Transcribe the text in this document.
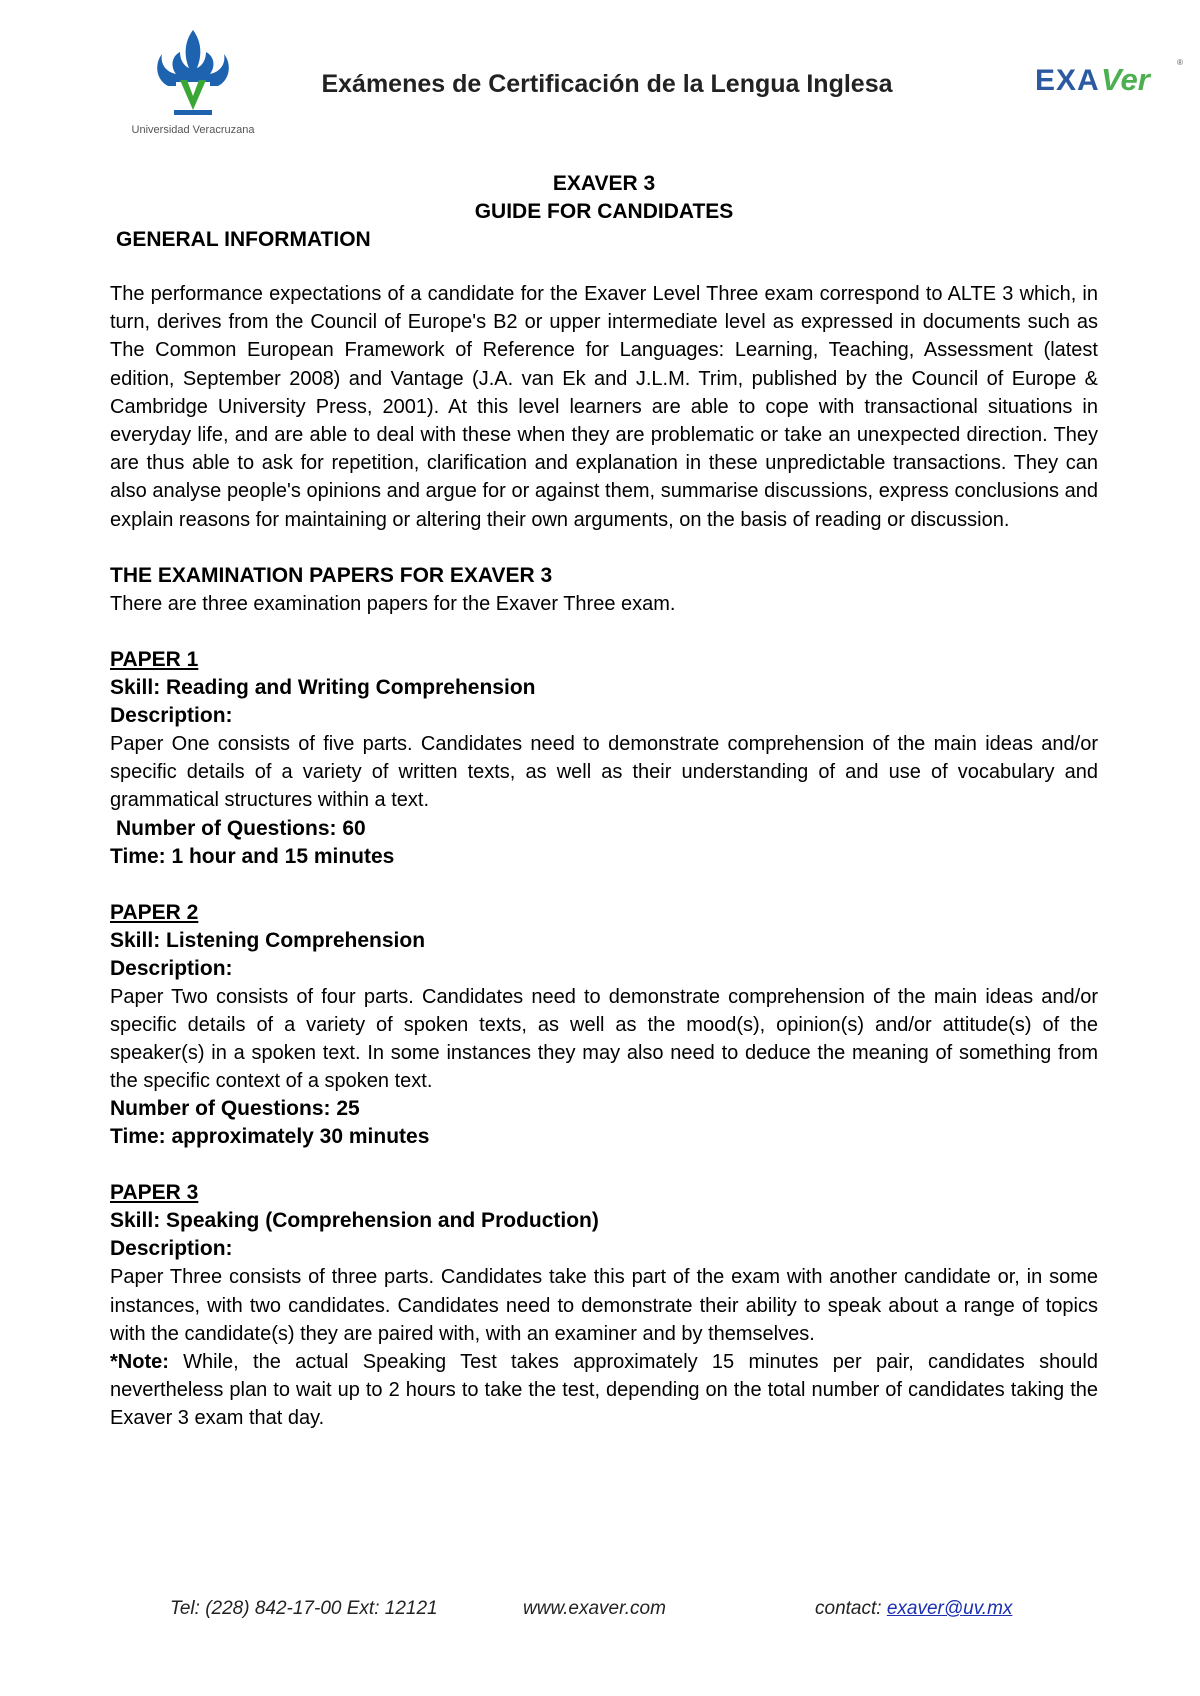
Universidad Veracruzana
Exámenes de Certificación de la Lengua Inglesa	EXA Ver	®
EXAVER 3
GUIDE FOR CANDIDATES
GENERAL INFORMATION

The performance expectations of a candidate for the Exaver Level Three exam correspond to ALTE 3 which, in turn, derives from the Council of Europe's B2 or upper intermediate level as expressed in documents such as The Common European Framework of Reference for Languages: Learning, Teaching, Assessment (latest edition, September 2008) and Vantage (J.A. van Ek and J.L.M. Trim, published by the Council of Europe & Cambridge University Press, 2001). At this level learners are able to cope with transactional situations in everyday life, and are able to deal with these when they are problematic or take an unexpected direction. They are thus able to ask for repetition, clarification and explanation in these unpredictable transactions. They can also analyse people's opinions and argue for or against them, summarise discussions, express conclusions and explain reasons for maintaining or altering their own arguments, on the basis of reading or discussion.

THE EXAMINATION PAPERS FOR EXAVER 3

There are three examination papers for the Exaver Three exam.

PAPER 1
Skill: Reading and Writing Comprehension
Description:

Paper One consists of five parts. Candidates need to demonstrate comprehension of the main ideas and/or specific details of a variety of written texts, as well as their understanding of and use of vocabulary and grammatical structures within a text.

Number of Questions: 60
Time: 1 hour and 15 minutes
PAPER 2
Skill: Listening Comprehension
Description:

Paper Two consists of four parts. Candidates need to demonstrate comprehension of the main ideas and/or specific details of a variety of spoken texts, as well as the mood(s), opinion(s) and/or attitude(s) of the speaker(s) in a spoken text. In some instances they may also need to deduce the meaning of something from the specific context of a spoken text.

Number of Questions: 25
Time: approximately 30 minutes
PAPER 3
Skill: Speaking (Comprehension and Production)
Description:

Paper Three consists of three parts. Candidates take this part of the exam with another candidate or, in some instances, with two candidates. Candidates need to demonstrate their ability to speak about a range of topics with the candidate(s) they are paired with, with an examiner and by themselves.

*Note: While, the actual Speaking Test takes approximately 15 minutes per pair, candidates should nevertheless plan to wait up to 2 hours to take the test, depending on the total number of candidates taking the Exaver 3 exam that day.

Tel: (228) 842-17-00 Ext: 12121	www.exaver.com	contact: exaver@uv.mx
